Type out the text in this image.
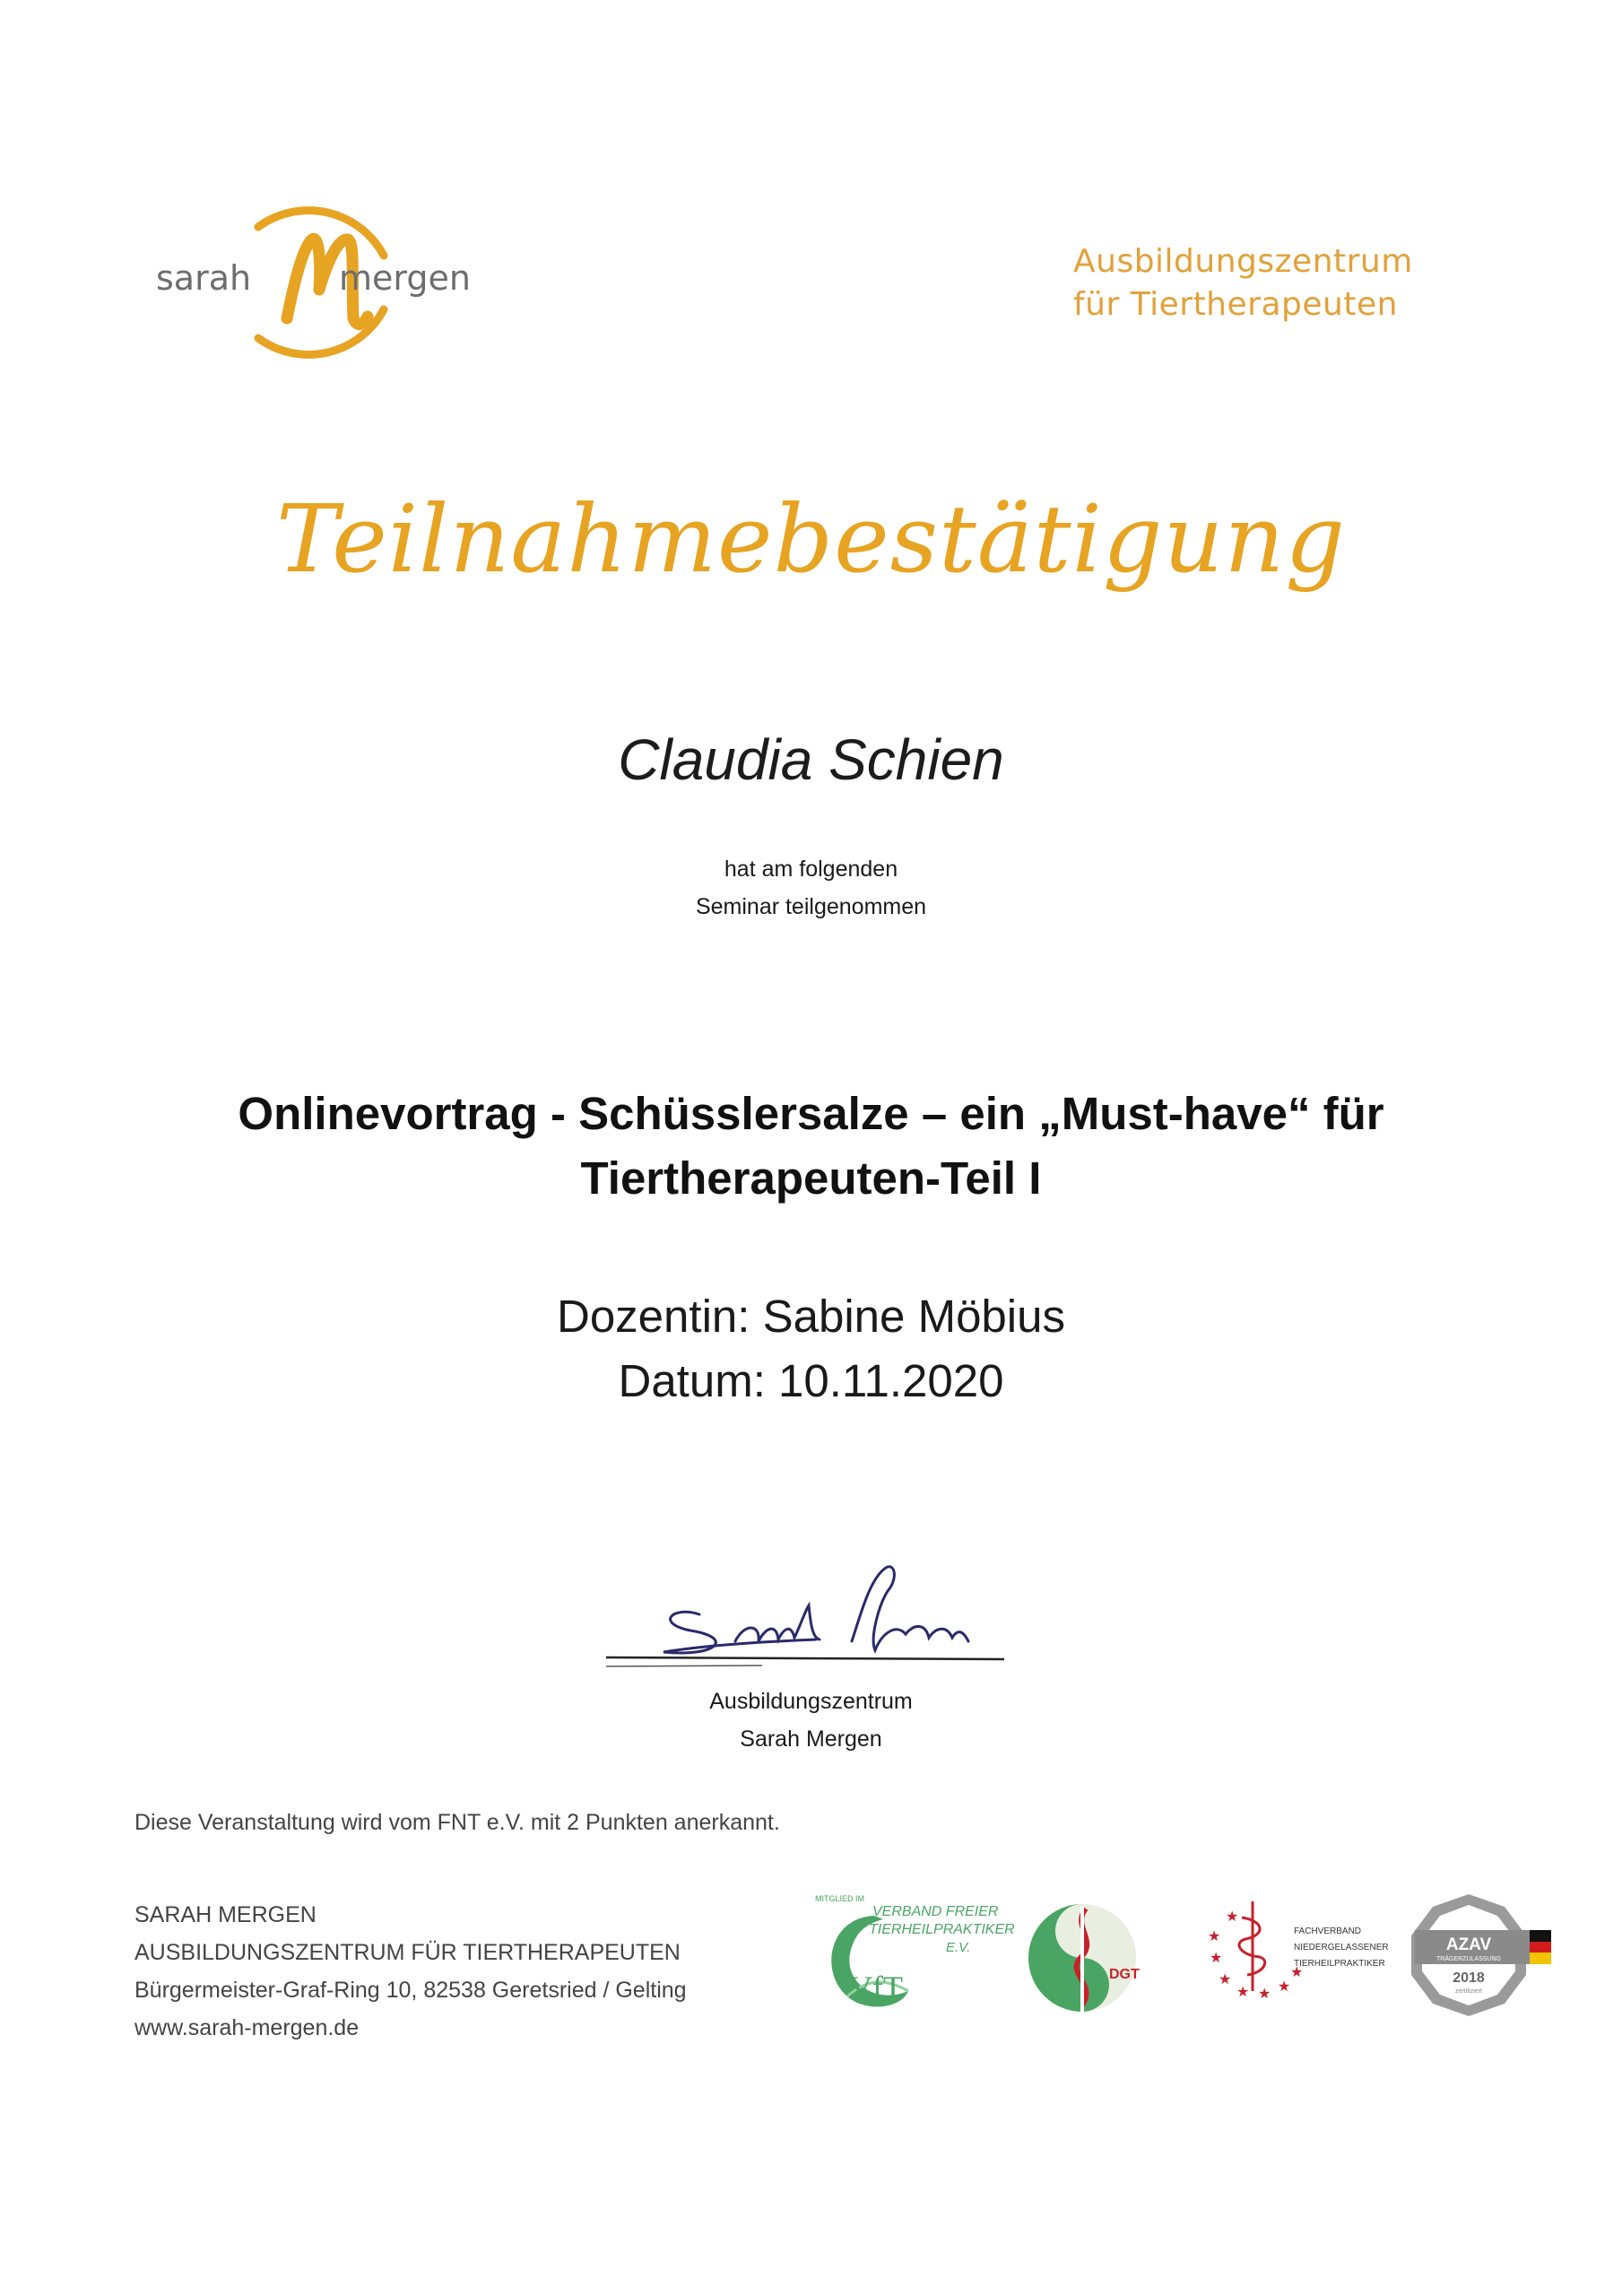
sarah	mergen	Ausbildungszentrum
für Tiertherapeuten
Teilnahmebestätigung
Claudia Schien
hat am folgenden
Seminar teilgenommen
Onlinevortrag - Schüsslersalze – ein „Must-have“ für
Tiertherapeuten-Teil I
Dozentin: Sabine Möbius
Datum: 10.11.2020
Ausbildungszentrum
Sarah Mergen
Diese Veranstaltung wird vom FNT e.V. mit 2 Punkten anerkannt.
SARAH MERGEN
AUSBILDUNGSZENTRUM FÜR TIERTHERAPEUTEN
Bürgermeister-Graf-Ring 10, 82538 Geretsried / Gelting
www.sarah-mergen.de
VfT
MITGLIED IM
VERBAND FREIER
TIERHEILPRAKTIKER
E.V.
DGT
★
★
★
★ ★ ★
★
★
FACHVERBAND
NIEDERGELASSENER
TIERHEILPRAKTIKER
AZAV
TRÄGERZULASSUNG
2018
zertifiziert
